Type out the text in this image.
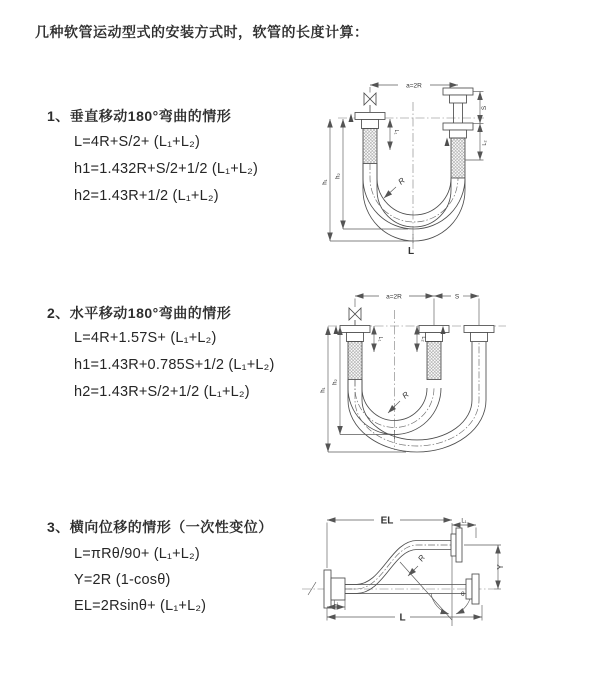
几种软管运动型式的安装方式时，软管的长度计算：
1、垂直移动180°弯曲的情形
L=4R+S/2+ (L₁+L₂)
h1=1.432R+S/2+1/2 (L₁+L₂)
h2=1.43R+1/2 (L₁+L₂)
2、水平移动180°弯曲的情形
L=4R+1.57S+ (L₁+L₂)
h1=1.43R+0.785S+1/2 (L₁+L₂)
h2=1.43R+S/2+1/2 (L₁+L₂)
3、横向位移的情形（一次性变位）
L=πRθ/90+ (L₁+L₂)
Y=2R (1-cosθ)
EL=2Rsinθ+ (L₁+L₂)
a=2R
h₁
h₂
L₁
S
L₂
R
L
a=2R	S
h₁
h₂
L₁	L₂
R
EL	L₁
Y
R
θ
L
L₁
